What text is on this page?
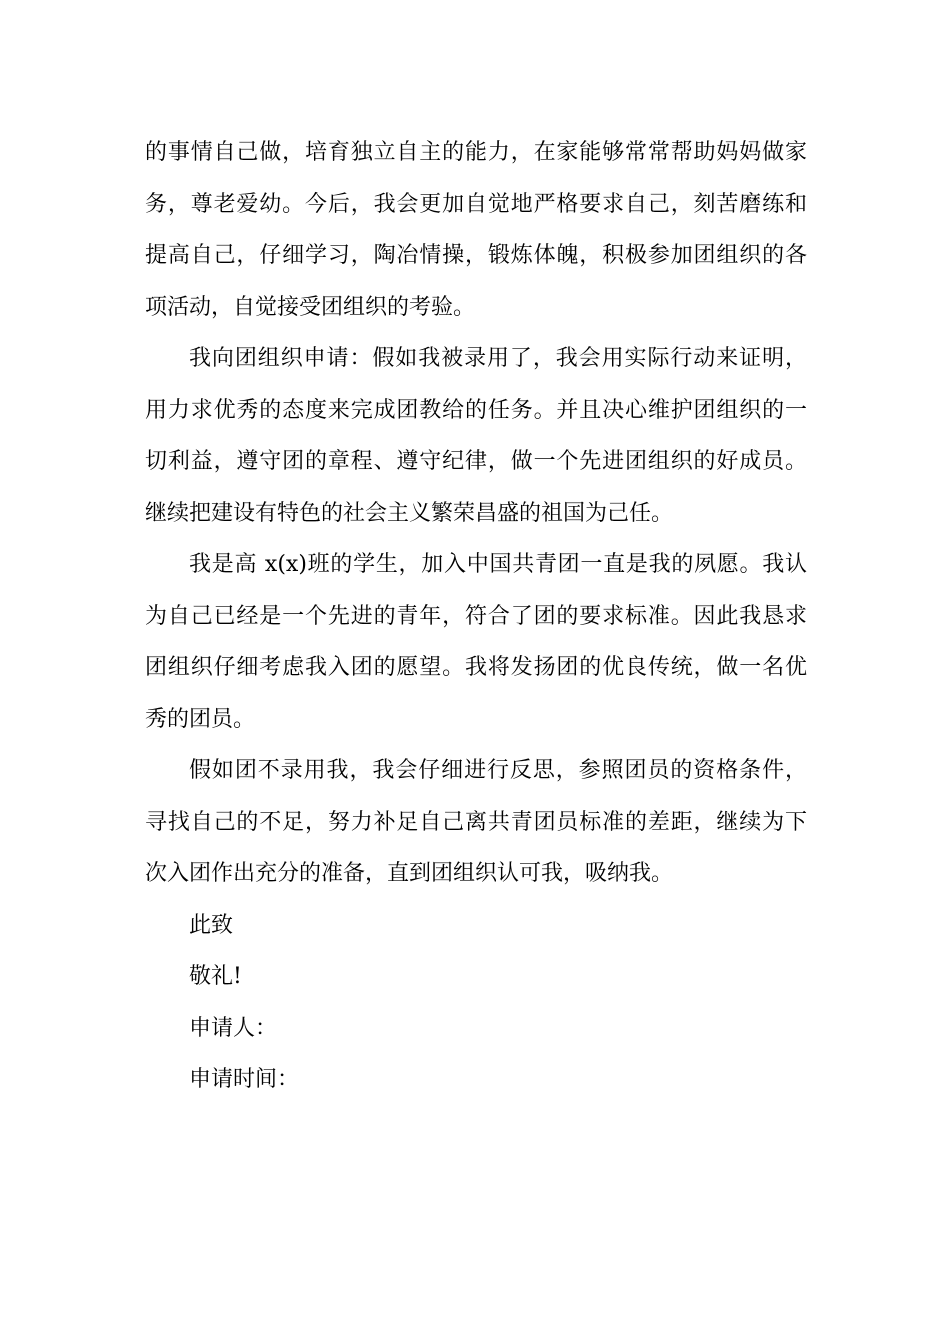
的事情自己做，培育独立自主的能力，在家能够常常帮助妈妈做家
务，尊老爱幼。今后，我会更加自觉地严格要求自己，刻苦磨练和
提高自己，仔细学习，陶冶情操，锻炼体魄，积极参加团组织的各
项活动，自觉接受团组织的考验。
我向团组织申请：假如我被录用了，我会用实际行动来证明，
用力求优秀的态度来完成团教给的任务。并且决心维护团组织的一
切利益，遵守团的章程、遵守纪律，做一个先进团组织的好成员。
继续把建设有特色的社会主义繁荣昌盛的祖国为己任。
我是高 x(x)班的学生，加入中国共青团一直是我的夙愿。我认
为自己已经是一个先进的青年，符合了团的要求标准。因此我恳求
团组织仔细考虑我入团的愿望。我将发扬团的优良传统，做一名优
秀的团员。
假如团不录用我，我会仔细进行反思，参照团员的资格条件，
寻找自己的不足，努力补足自己离共青团员标准的差距，继续为下
次入团作出充分的准备，直到团组织认可我，吸纳我。
此致
敬礼!
申请人：
申请时间：
